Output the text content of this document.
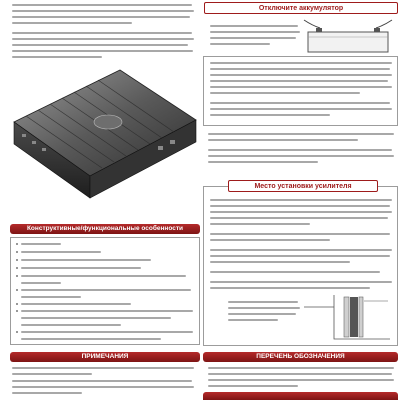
Конструктивные/функциональные особенности
ПРИМЕЧАНИЯ
Отключите аккумулятор
Место установки усилителя
ПЕРЕЧЕНЬ ОБОЗНАЧЕНИЯ
